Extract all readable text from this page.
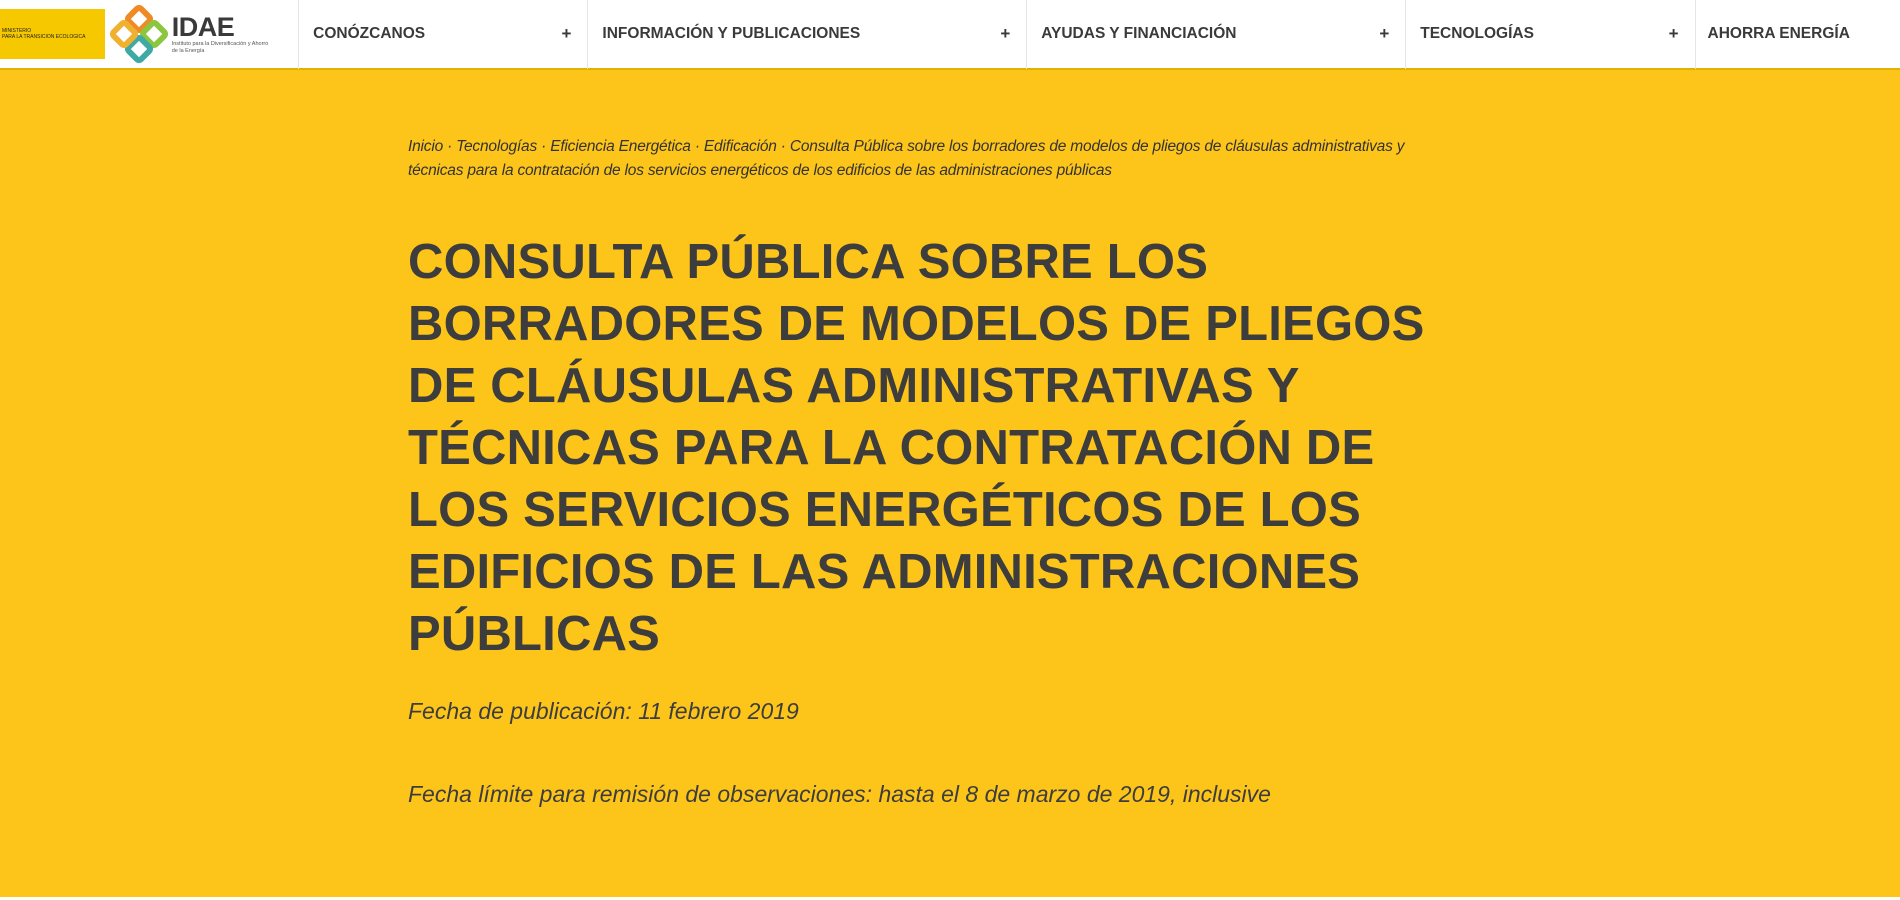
MINISTERIO
PARA LA TRANSICIÓN ECOLÓGICA	IDAE
Instituto para la Diversificación y Ahorro de la Energía
CONÓZCANOS	+ INFORMACIÓN Y PUBLICACIONES	+ AYUDAS Y FINANCIACIÓN	+ TECNOLOGÍAS	+ AHORRA ENERGÍA
Inicio · Tecnologías · Eficiencia Energética · Edificación · Consulta Pública sobre los borradores de modelos de pliegos de cláusulas administrativas y técnicas para la contratación de los servicios energéticos de los edificios de las administraciones públicas
CONSULTA PÚBLICA SOBRE LOS BORRADORES DE MODELOS DE PLIEGOS DE CLÁUSULAS ADMINISTRATIVAS Y TÉCNICAS PARA LA CONTRATACIÓN DE LOS SERVICIOS ENERGÉTICOS DE LOS EDIFICIOS DE LAS ADMINISTRACIONES PÚBLICAS
Fecha de publicación: 11 febrero 2019
Fecha límite para remisión de observaciones: hasta el 8 de marzo de 2019, inclusive
